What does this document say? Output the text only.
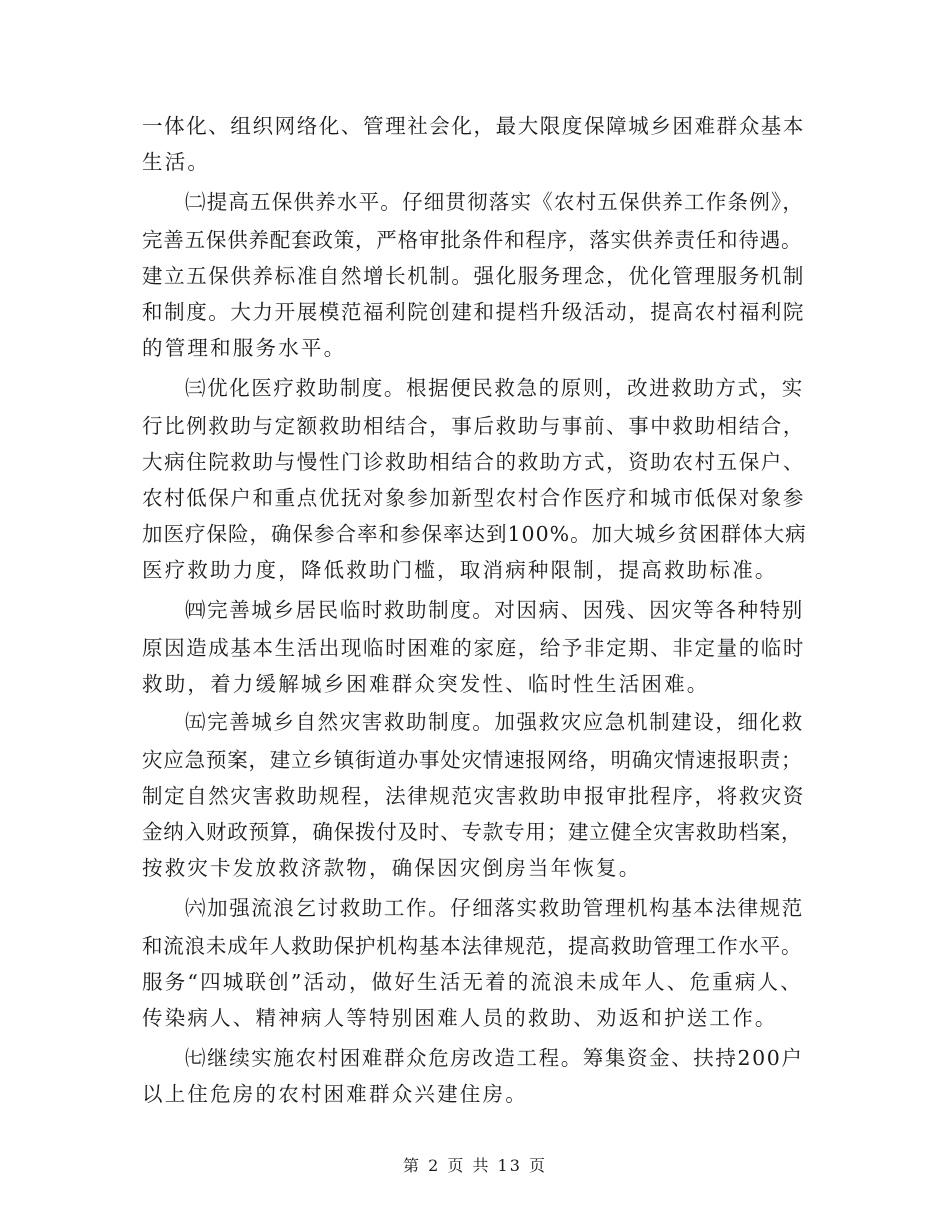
一体化、组织网络化、管理社会化，最大限度保障城乡困难群众基本
生活。
㈡提高五保供养水平。仔细贯彻落实《农村五保供养工作条例》，
完善五保供养配套政策，严格审批条件和程序，落实供养责任和待遇。
建立五保供养标准自然增长机制。强化服务理念，优化管理服务机制
和制度。大力开展模范福利院创建和提档升级活动，提高农村福利院
的管理和服务水平。
㈢优化医疗救助制度。根据便民救急的原则，改进救助方式，实
行比例救助与定额救助相结合，事后救助与事前、事中救助相结合，
大病住院救助与慢性门诊救助相结合的救助方式，资助农村五保户、
农村低保户和重点优抚对象参加新型农村合作医疗和城市低保对象参
加医疗保险，确保参合率和参保率达到100%。加大城乡贫困群体大病
医疗救助力度，降低救助门槛，取消病种限制，提高救助标准。
㈣完善城乡居民临时救助制度。对因病、因残、因灾等各种特别
原因造成基本生活出现临时困难的家庭，给予非定期、非定量的临时
救助，着力缓解城乡困难群众突发性、临时性生活困难。
㈤完善城乡自然灾害救助制度。加强救灾应急机制建设，细化救
灾应急预案，建立乡镇街道办事处灾情速报网络，明确灾情速报职责；
制定自然灾害救助规程，法律规范灾害救助申报审批程序，将救灾资
金纳入财政预算，确保拨付及时、专款专用；建立健全灾害救助档案，
按救灾卡发放救济款物，确保因灾倒房当年恢复。
㈥加强流浪乞讨救助工作。仔细落实救助管理机构基本法律规范
和流浪未成年人救助保护机构基本法律规范，提高救助管理工作水平。
服务“四城联创”活动，做好生活无着的流浪未成年人、危重病人、
传染病人、精神病人等特别困难人员的救助、劝返和护送工作。
㈦继续实施农村困难群众危房改造工程。筹集资金、扶持200户
以上住危房的农村困难群众兴建住房。
第 2 页 共 13 页
